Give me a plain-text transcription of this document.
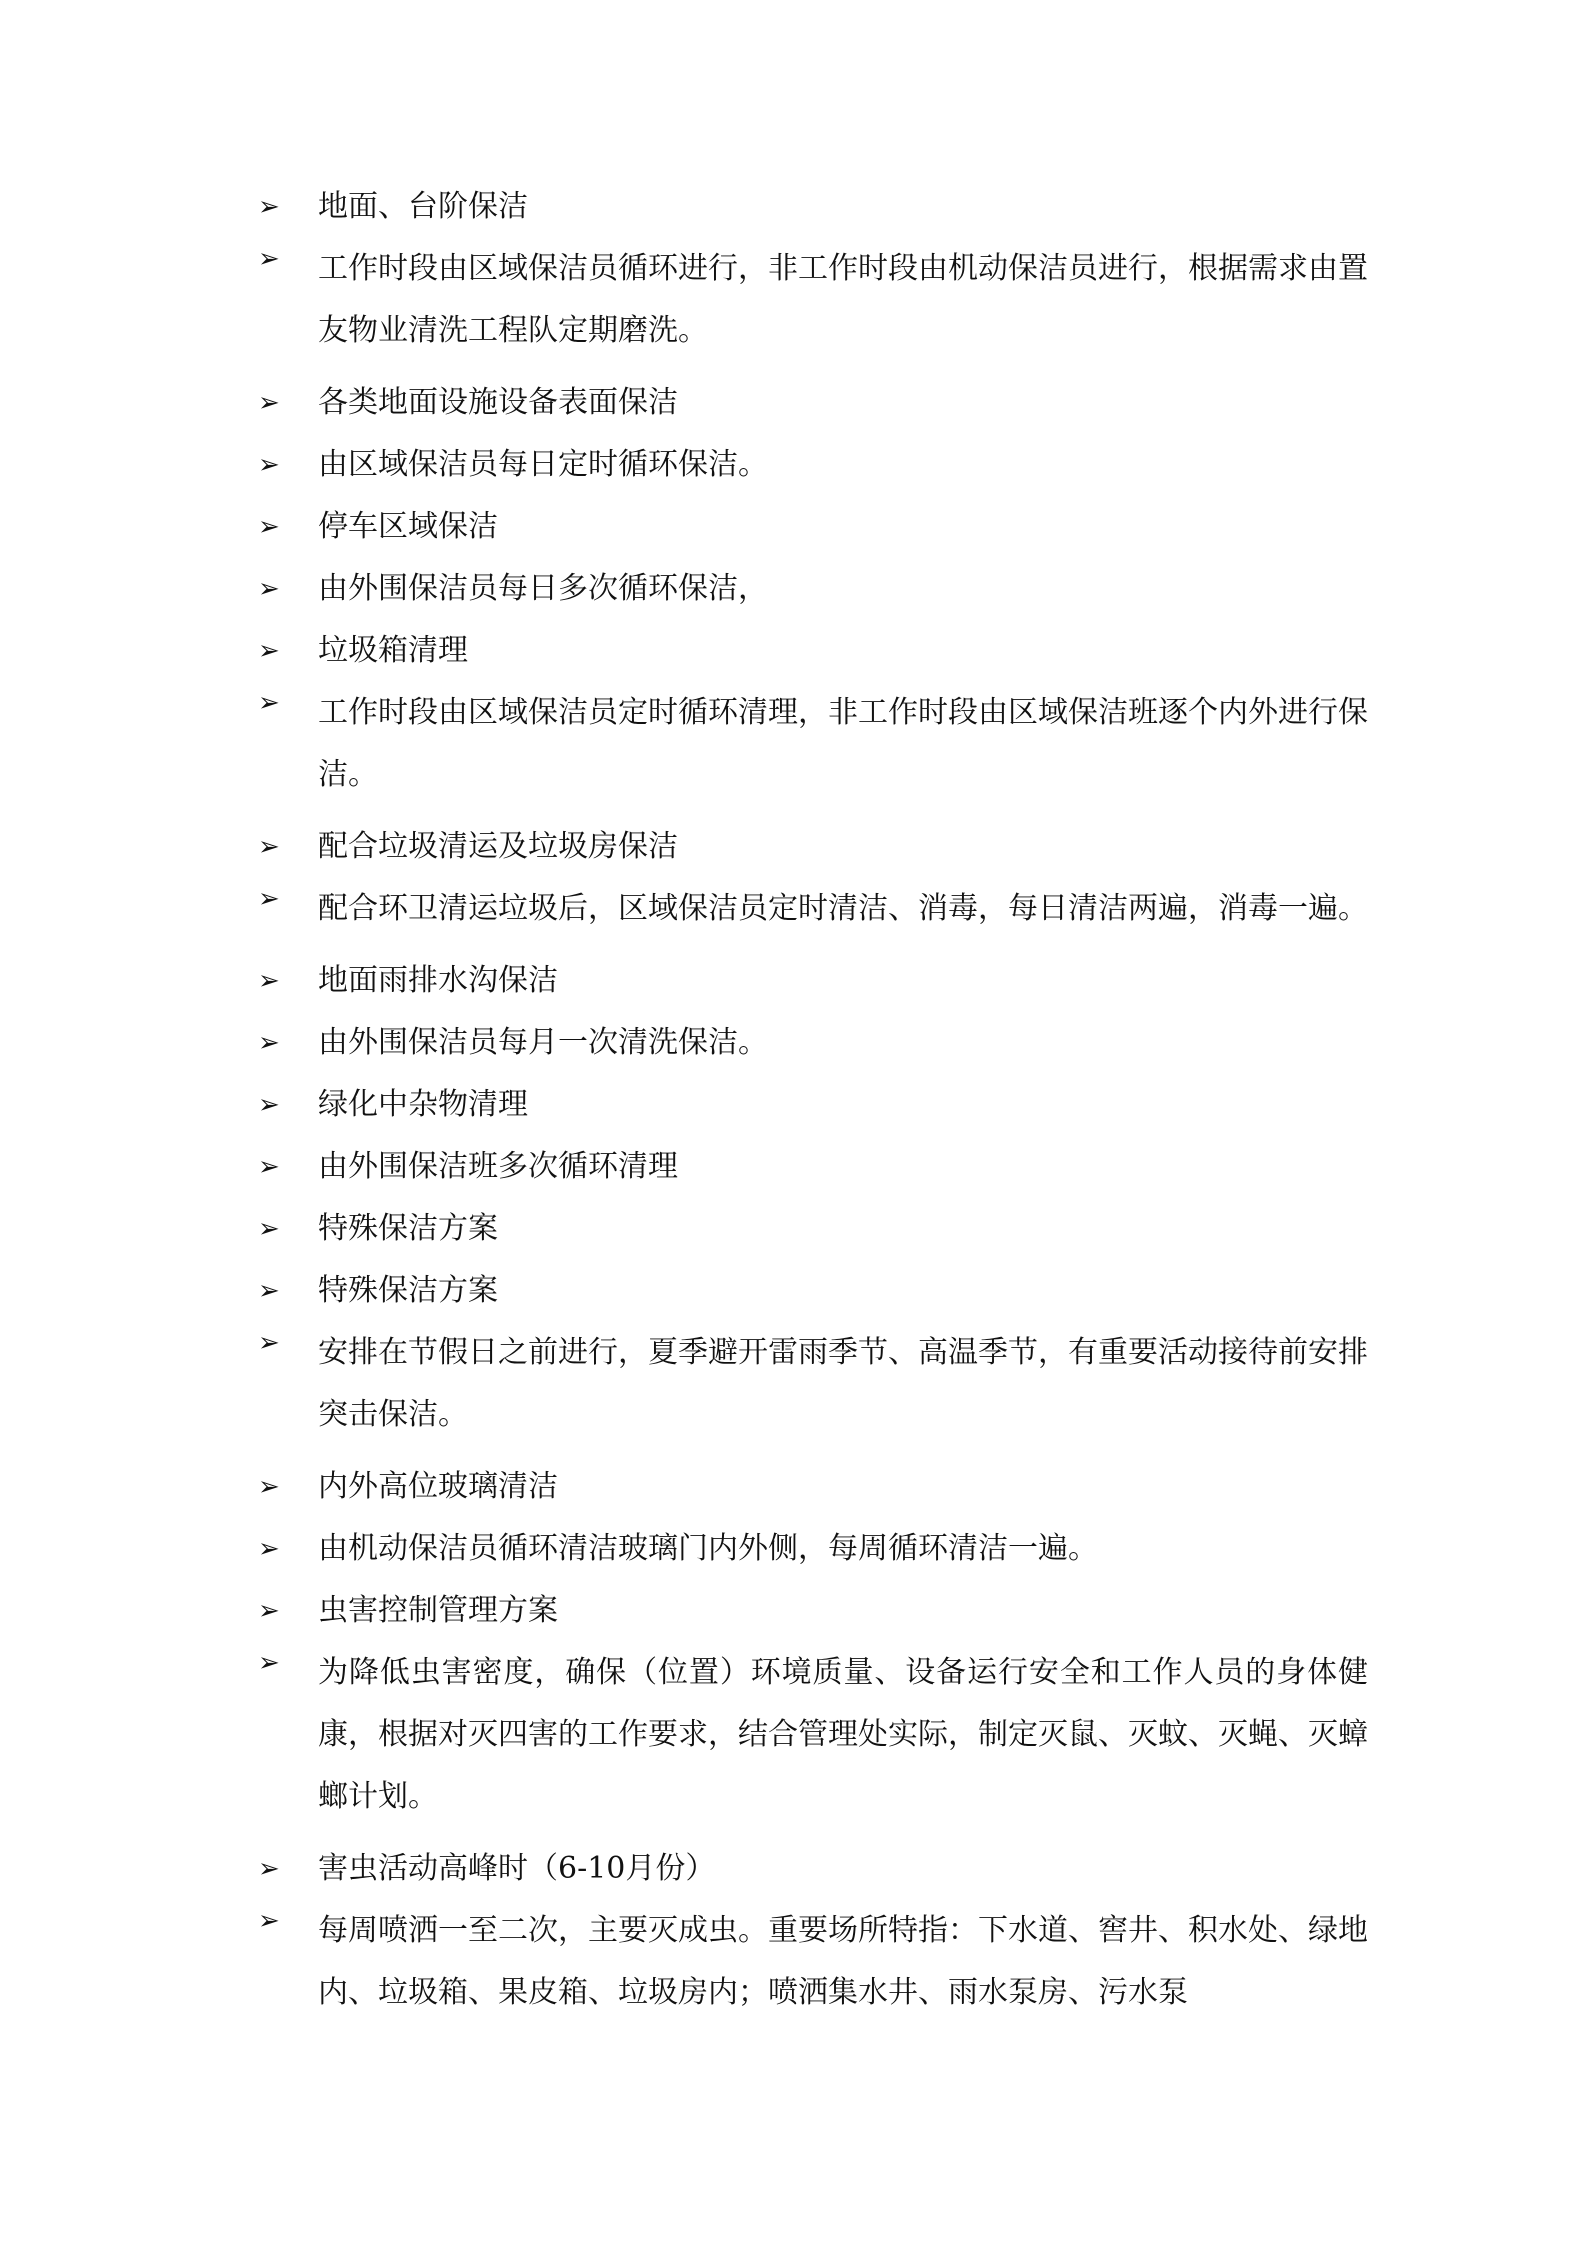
➢ 地面、台阶保洁
➢ 工作时段由区域保洁员循环进行，非工作时段由机动保洁员进行，根据需求由置友物业清洗工程队定期磨洗。
➢ 各类地面设施设备表面保洁
➢ 由区域保洁员每日定时循环保洁。
➢ 停车区域保洁
➢ 由外围保洁员每日多次循环保洁，
➢ 垃圾箱清理
➢ 工作时段由区域保洁员定时循环清理，非工作时段由区域保洁班逐个内外进行保洁。
➢ 配合垃圾清运及垃圾房保洁
➢ 配合环卫清运垃圾后，区域保洁员定时清洁、消毒，每日清洁两遍，消毒一遍。
➢ 地面雨排水沟保洁
➢ 由外围保洁员每月一次清洗保洁。
➢ 绿化中杂物清理
➢ 由外围保洁班多次循环清理
➢ 特殊保洁方案
➢ 特殊保洁方案
➢ 安排在节假日之前进行，夏季避开雷雨季节、高温季节，有重要活动接待前安排突击保洁。
➢ 内外高位玻璃清洁
➢ 由机动保洁员循环清洁玻璃门内外侧，每周循环清洁一遍。
➢ 虫害控制管理方案
➢ 为降低虫害密度，确保（位置）环境质量、设备运行安全和工作人员的身体健康，根据对灭四害的工作要求，结合管理处实际，制定灭鼠、灭蚊、灭蝇、灭蟑螂计划。
➢ 害虫活动高峰时（6-10月份）
➢ 每周喷洒一至二次，主要灭成虫。重要场所特指：下水道、窖井、积水处、绿地内、垃圾箱、果皮箱、垃圾房内；喷洒集水井、雨水泵房、污水泵
